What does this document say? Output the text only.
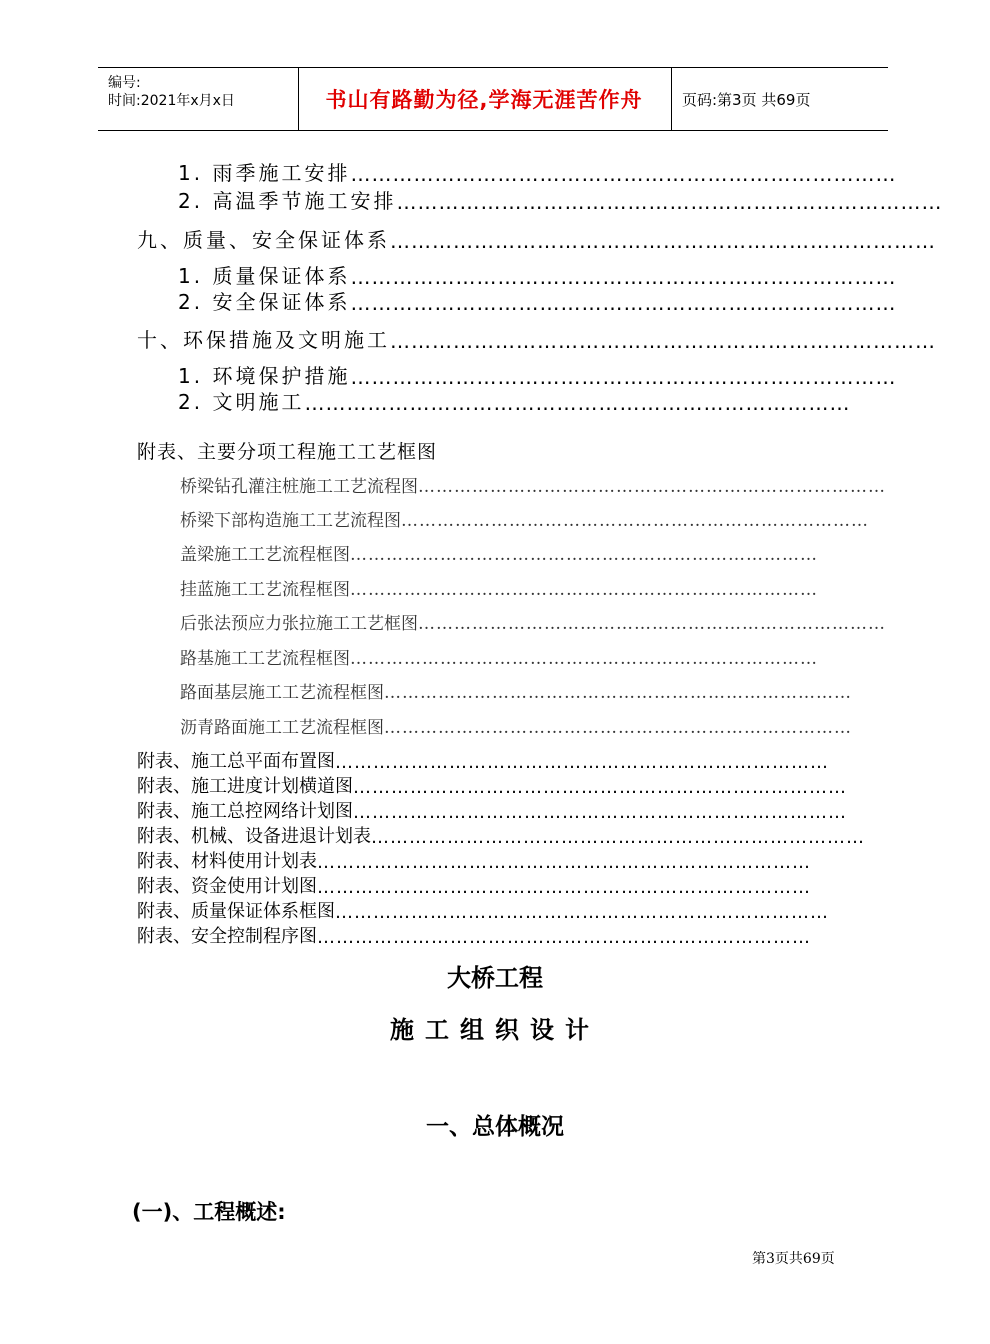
编号:
时间:2021年x月x日	书山有路勤为径,学海无涯苦作舟	页码:第3页 共69页
1. 雨季施工安排 ……………………………………………………………………
2. 高温季节施工安排 ……………………………………………………………………
九、质量、安全保证体系 ……………………………………………………………………
1. 质量保证体系 ……………………………………………………………………
2. 安全保证体系 ……………………………………………………………………
十、环保措施及文明施工 ……………………………………………………………………
1. 环境保护措施 ……………………………………………………………………
2. 文明施工 ……………………………………………………………………
附表、主要分项工程施工工艺框图
桥梁钻孔灌注桩施工工艺流程图 ……………………………………………………………………
桥梁下部构造施工工艺流程图 ……………………………………………………………………
盖梁施工工艺流程框图 ……………………………………………………………………
挂蓝施工工艺流程框图 ……………………………………………………………………
后张法预应力张拉施工工艺框图 ……………………………………………………………………
路基施工工艺流程框图 ……………………………………………………………………
路面基层施工工艺流程框图 ……………………………………………………………………
沥青路面施工工艺流程框图 ……………………………………………………………………
附表、施工总平面布置图 ……………………………………………………………………
附表、施工进度计划横道图 ……………………………………………………………………
附表、施工总控网络计划图 ……………………………………………………………………
附表、机械、设备进退计划表 ……………………………………………………………………
附表、材料使用计划表 ……………………………………………………………………
附表、资金使用计划图 ……………………………………………………………………
附表、质量保证体系框图 ……………………………………………………………………
附表、安全控制程序图 ……………………………………………………………………
大桥工程
施工组织设计
一、总体概况
(一)、工程概述:
第3页共69页
